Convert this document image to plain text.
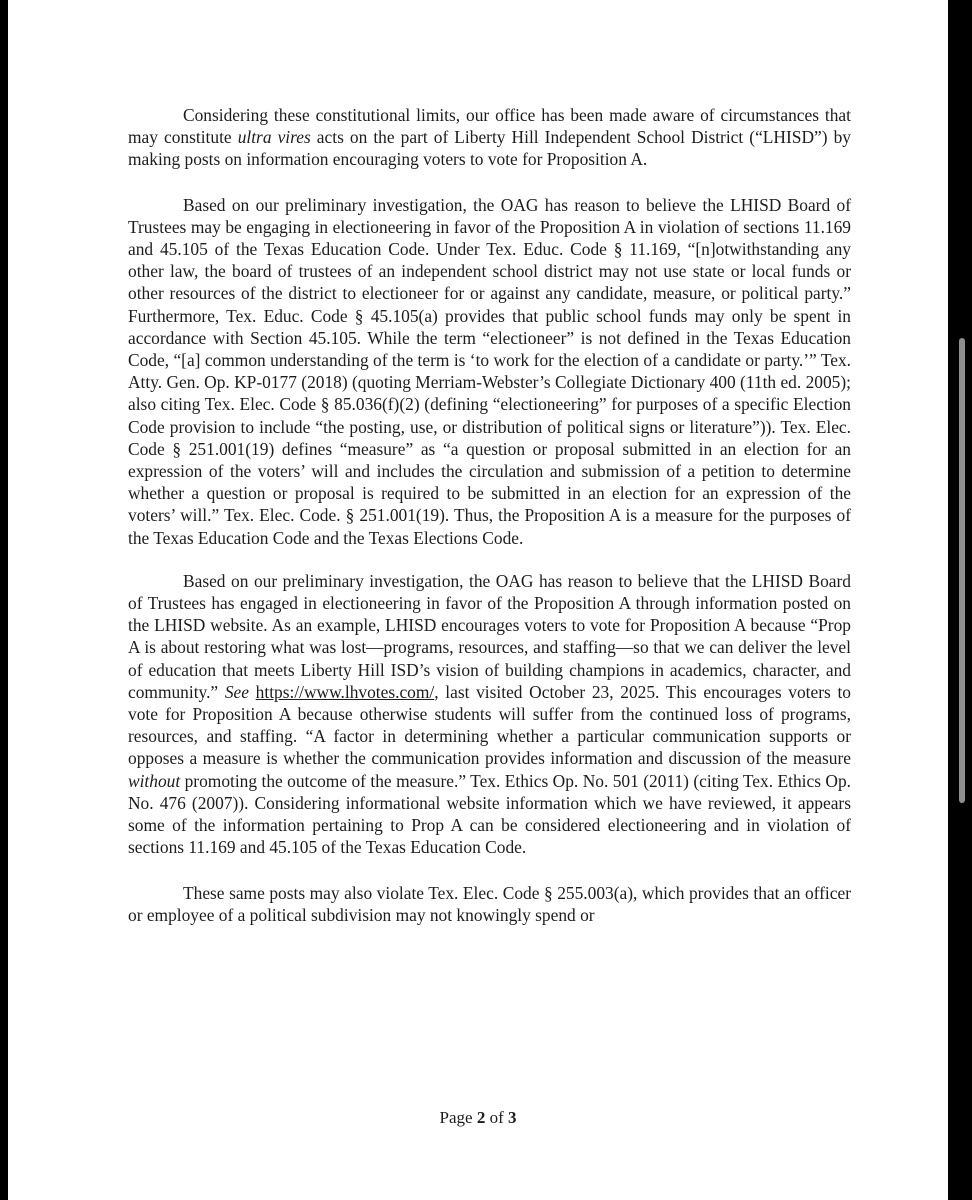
Considering these constitutional limits, our office has been made aware of circumstances that may constitute ultra vires acts on the part of Liberty Hill Independent School District (“LHISD”) by making posts on information encouraging voters to vote for Proposition A.

Based on our preliminary investigation, the OAG has reason to believe the LHISD Board of Trustees may be engaging in electioneering in favor of the Proposition A in violation of sections 11.169 and 45.105 of the Texas Education Code. Under Tex. Educ. Code § 11.169, “[n]otwithstanding any other law, the board of trustees of an independent school district may not use state or local funds or other resources of the district to electioneer for or against any candidate, measure, or political party.” Furthermore, Tex. Educ. Code § 45.105(a) provides that public school funds may only be spent in accordance with Section 45.105. While the term “electioneer” is not defined in the Texas Education Code, “[a] common understanding of the term is ‘to work for the election of a candidate or party.’” Tex. Atty. Gen. Op. KP-0177 (2018) (quoting Merriam-Webster’s Collegiate Dictionary 400 (11th ed. 2005); also citing Tex. Elec. Code § 85.036(f)(2) (defining “electioneering” for purposes of a specific Election Code provision to include “the posting, use, or distribution of political signs or literature”)). Tex. Elec. Code § 251.001(19) defines “measure” as “a question or proposal submitted in an election for an expression of the voters’ will and includes the circulation and submission of a petition to determine whether a question or proposal is required to be submitted in an election for an expression of the voters’ will.” Tex. Elec. Code. § 251.001(19). Thus, the Proposition A is a measure for the purposes of the Texas Education Code and the Texas Elections Code.

Based on our preliminary investigation, the OAG has reason to believe that the LHISD Board of Trustees has engaged in electioneering in favor of the Proposition A through information posted on the LHISD website. As an example, LHISD encourages voters to vote for Proposition A because “Prop A is about restoring what was lost—programs, resources, and staffing—so that we can deliver the level of education that meets Liberty Hill ISD’s vision of building champions in academics, character, and community.” See https://www.lhvotes.com/, last visited October 23, 2025. This encourages voters to vote for Proposition A because otherwise students will suffer from the continued loss of programs, resources, and staffing. “A factor in determining whether a particular communication supports or opposes a measure is whether the communication provides information and discussion of the measure without promoting the outcome of the measure.” Tex. Ethics Op. No. 501 (2011) (citing Tex. Ethics Op. No. 476 (2007)). Considering informational website information which we have reviewed, it appears some of the information pertaining to Prop A can be considered electioneering and in violation of sections 11.169 and 45.105 of the Texas Education Code.

These same posts may also violate Tex. Elec. Code § 255.003(a), which provides that an officer or employee of a political subdivision may not knowingly spend or

Page 2 of 3
